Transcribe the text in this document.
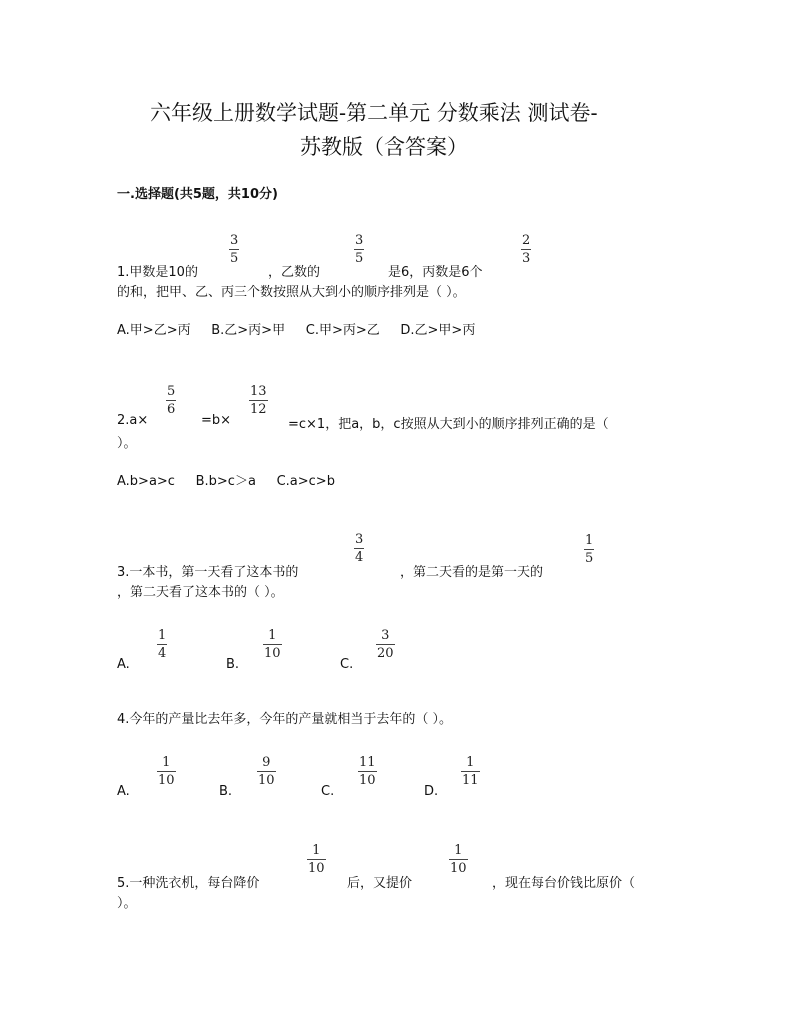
六年级上册数学试题-第二单元 分数乘法 测试卷-
苏教版（含答案）
一.选择题(共5题，共10分)
1.甲数是10的
3
5
，乙数的
3
5
是6，丙数是6个
2
3
的和，把甲、乙、丙三个数按照从大到小的顺序排列是（ ）。
A.甲>乙>丙     B.乙>丙>甲     C.甲>丙>乙     D.乙>甲>丙
2.a×
5
6
=b×
13
12
=c×1，把a，b，c按照从大到小的顺序排列正确的是（
）。
A.b>a>c     B.b>c＞a     C.a>c>b
3.一本书，第一天看了这本书的
3
4
，第二天看的是第一天的
1
5
，第二天看了这本书的（ ）。
A.
1
4
B.
1
10
C.
3
20
4.今年的产量比去年多，今年的产量就相当于去年的（ ）。
A.
1
10
B.
9
10
C.
11
10
D.
1
11
5.一种洗衣机，每台降价
1
10
后，又提价
1
10
，现在每台价钱比原价（
）。
